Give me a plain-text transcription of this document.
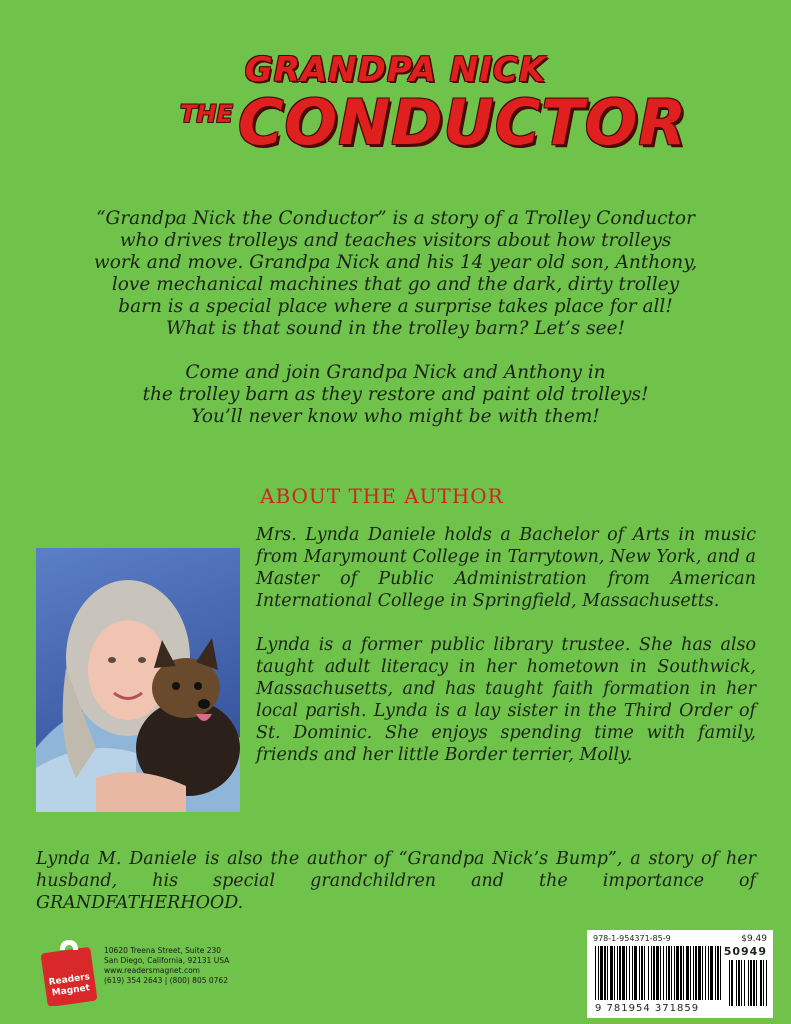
GRANDPA NICK
THE CONDUCTOR

“Grandpa Nick the Conductor” is a story of a Trolley Conductor
who drives trolleys and teaches visitors about how trolleys
work and move. Grandpa Nick and his 14 year old son, Anthony,
love mechanical machines that go and the dark, dirty trolley
barn is a special place where a surprise takes place for all!
What is that sound in the trolley barn? Let’s see!

Come and join Grandpa Nick and Anthony in
the trolley barn as they restore and paint old trolleys!
You’ll never know who might be with them!

ABOUT THE AUTHOR

Mrs. Lynda Daniele holds a Bachelor of Arts in music from Marymount College in Tarrytown, New York, and a Master of Public Administration from American International College in Springfield, Massachusetts.

Lynda is a former public library trustee. She has also taught adult literacy in her hometown in Southwick, Massachusetts, and has taught faith formation in her local parish. Lynda is a lay sister in the Third Order of St. Dominic. She enjoys spending time with family, friends and her little Border terrier, Molly.

Lynda M. Daniele is also the author of “Grandpa Nick’s Bump”, a story of her husband, his special grandchildren and the importance of GRANDFATHERHOOD.
Readers
Magnet
10620 Treena Street, Suite 230
San Diego, California, 92131 USA
www.readersmagnet.com
(619) 354 2643 | (800) 805 0762
978-1-954371-85-9	$9.49
50949
9 781954 371859
